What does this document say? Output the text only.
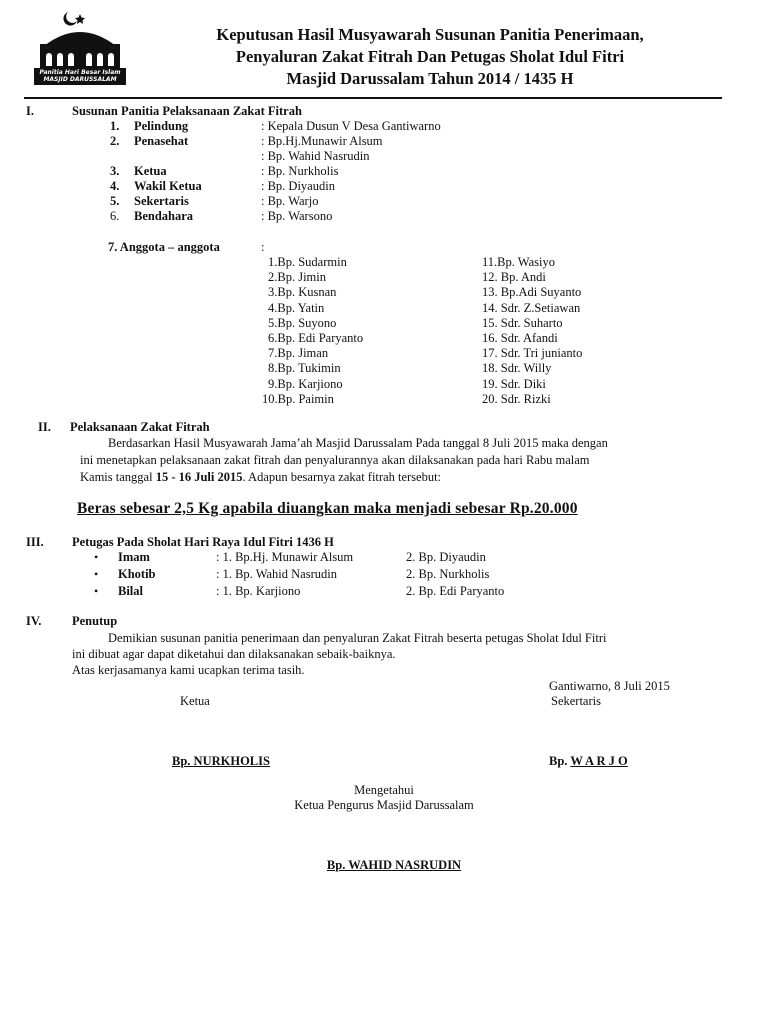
Panitia Hari Besar Islam
MASJID DARUSSALAM
Keputusan Hasil Musyawarah Susunan Panitia Penerimaan,
Penyaluran Zakat Fitrah Dan Petugas Sholat Idul Fitri
Masjid Darussalam Tahun 2014 / 1435 H
I.	Susunan Panitia Pelaksanaan Zakat Fitrah
1. Pelindung	: Kepala Dusun V Desa Gantiwarno
2. Penasehat	: Bp.Hj.Munawir Alsum
: Bp. Wahid Nasrudin
3. Ketua	: Bp. Nurkholis
4. Wakil Ketua	: Bp. Diyaudin
5. Sekertaris	: Bp. Warjo
6. Bendahara	: Bp. Warsono
7. Anggota – anggota	:
1.Bp. Sudarmin
2.Bp. Jimin
3.Bp. Kusnan
4.Bp. Yatin
5.Bp. Suyono
6.Bp. Edi Paryanto
7.Bp. Jiman
8.Bp. Tukimin
9.Bp. Karjiono
10.Bp. Paimin
11.Bp. Wasiyo
12. Bp. Andi
13. Bp.Adi Suyanto
14. Sdr. Z.Setiawan
15. Sdr. Suharto
16. Sdr. Afandi
17. Sdr. Tri junianto
18. Sdr. Willy
19. Sdr. Diki
20. Sdr. Rizki
II. Pelaksanaan Zakat Fitrah
Berdasarkan Hasil Musyawarah Jama’ah Masjid Darussalam Pada tanggal 8 Juli 2015 maka dengan
ini menetapkan pelaksanaan zakat fitrah dan penyalurannya akan dilaksanakan pada hari Rabu malam
Kamis tanggal 15 - 16 Juli 2015. Adapun besarnya zakat fitrah tersebut:
Beras sebesar 2,5 Kg apabila diuangkan maka menjadi sebesar Rp.20.000
III. Petugas Pada Sholat Hari Raya Idul Fitri 1436 H
• Imam	: 1. Bp.Hj. Munawir Alsum	2. Bp. Diyaudin
• Khotib	: 1. Bp. Wahid Nasrudin	2. Bp. Nurkholis
• Bilal	: 1. Bp. Karjiono	2. Bp. Edi Paryanto
IV. Penutup
Demikian susunan panitia penerimaan dan penyaluran Zakat Fitrah beserta petugas Sholat Idul Fitri
ini dibuat agar dapat diketahui dan dilaksanakan sebaik-baiknya.
Atas kerjasamanya kami ucapkan terima tasih.
Gantiwarno, 8 Juli 2015
Ketua	Sekertaris
Bp. NURKHOLIS	Bp. W A R J O
Mengetahui
Ketua Pengurus Masjid Darussalam
Bp. WAHID NASRUDIN
